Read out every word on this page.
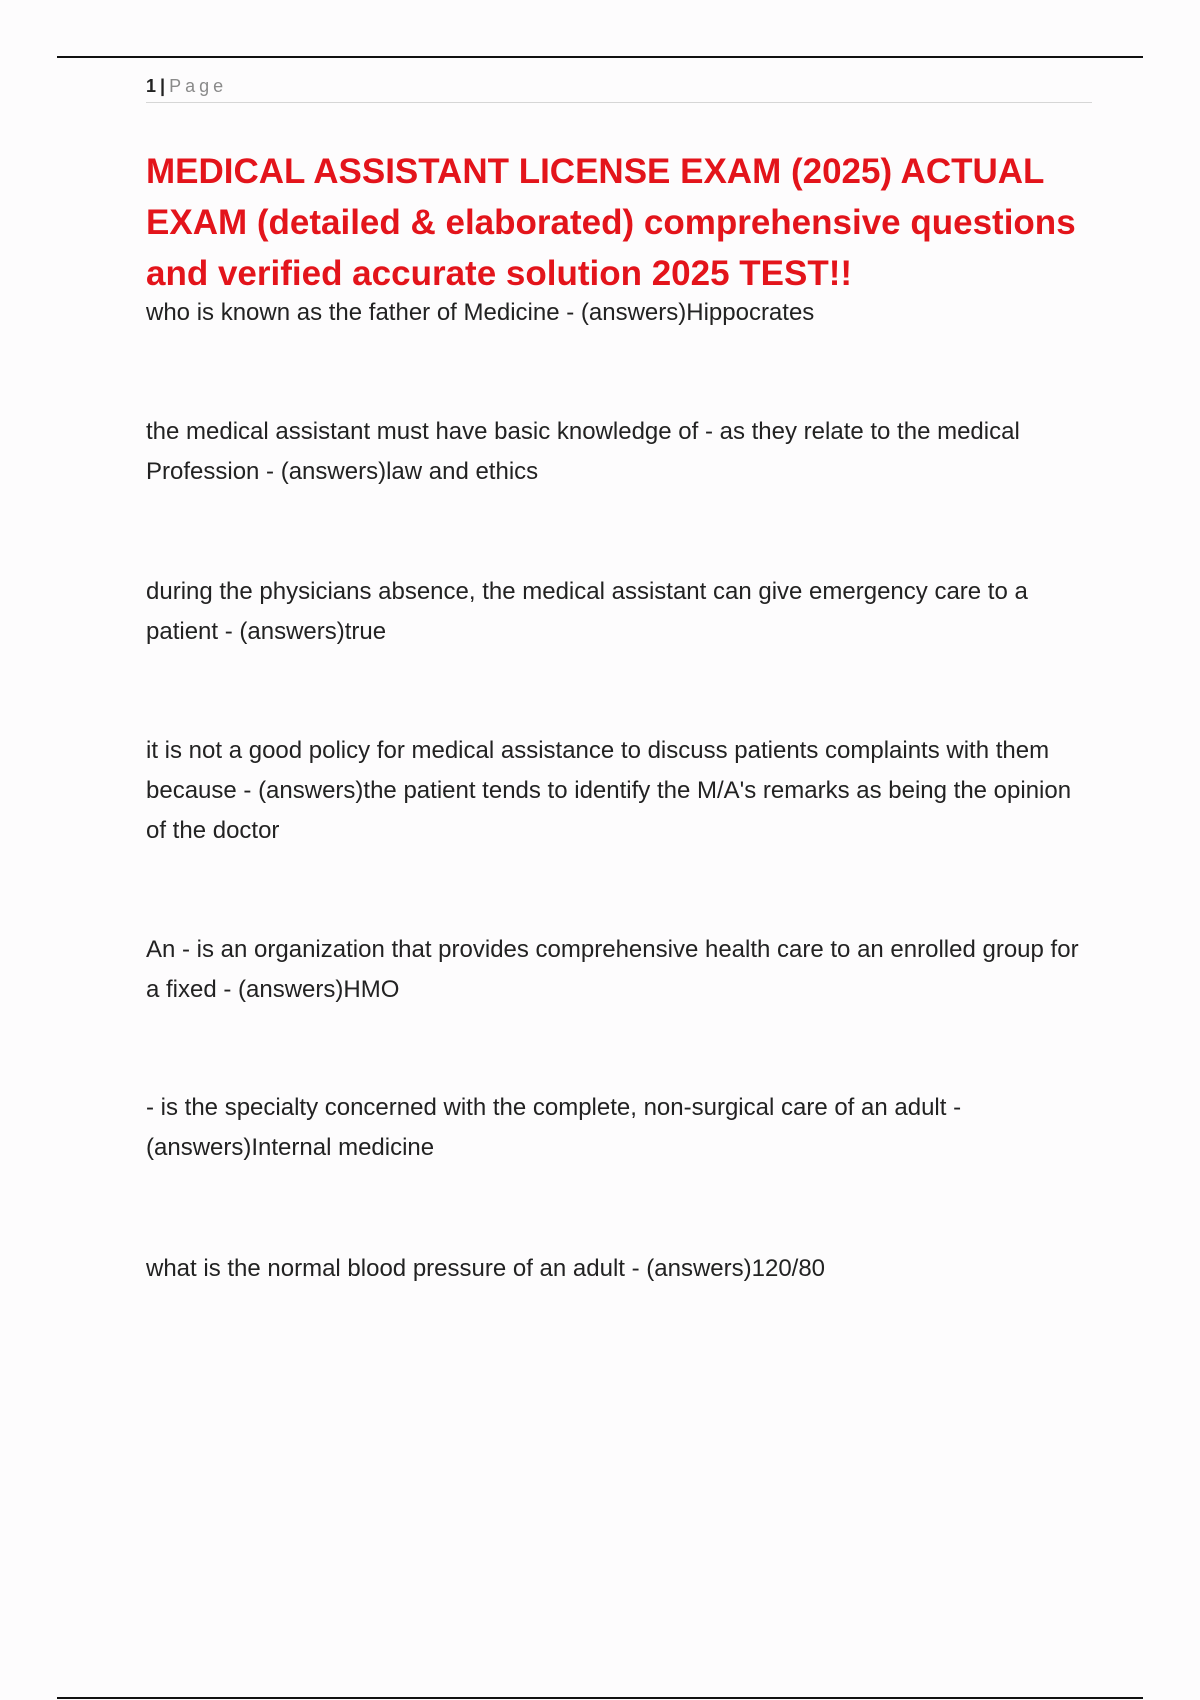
1 | Page
MEDICAL ASSISTANT LICENSE EXAM (2025) ACTUAL EXAM (detailed & elaborated) comprehensive questions and verified accurate solution 2025 TEST!!

who is known as the father of Medicine - (answers)Hippocrates

the medical assistant must have basic knowledge of - as they relate to the medical Profession - (answers)law and ethics

during the physicians absence, the medical assistant can give emergency care to a patient - (answers)true

it is not a good policy for medical assistance to discuss patients complaints with them because - (answers)the patient tends to identify the M/A's remarks as being the opinion of the doctor

An - is an organization that provides comprehensive health care to an enrolled group for a fixed - (answers)HMO

- is the specialty concerned with the complete, non-surgical care of an adult - (answers)Internal medicine

what is the normal blood pressure of an adult - (answers)120/80
